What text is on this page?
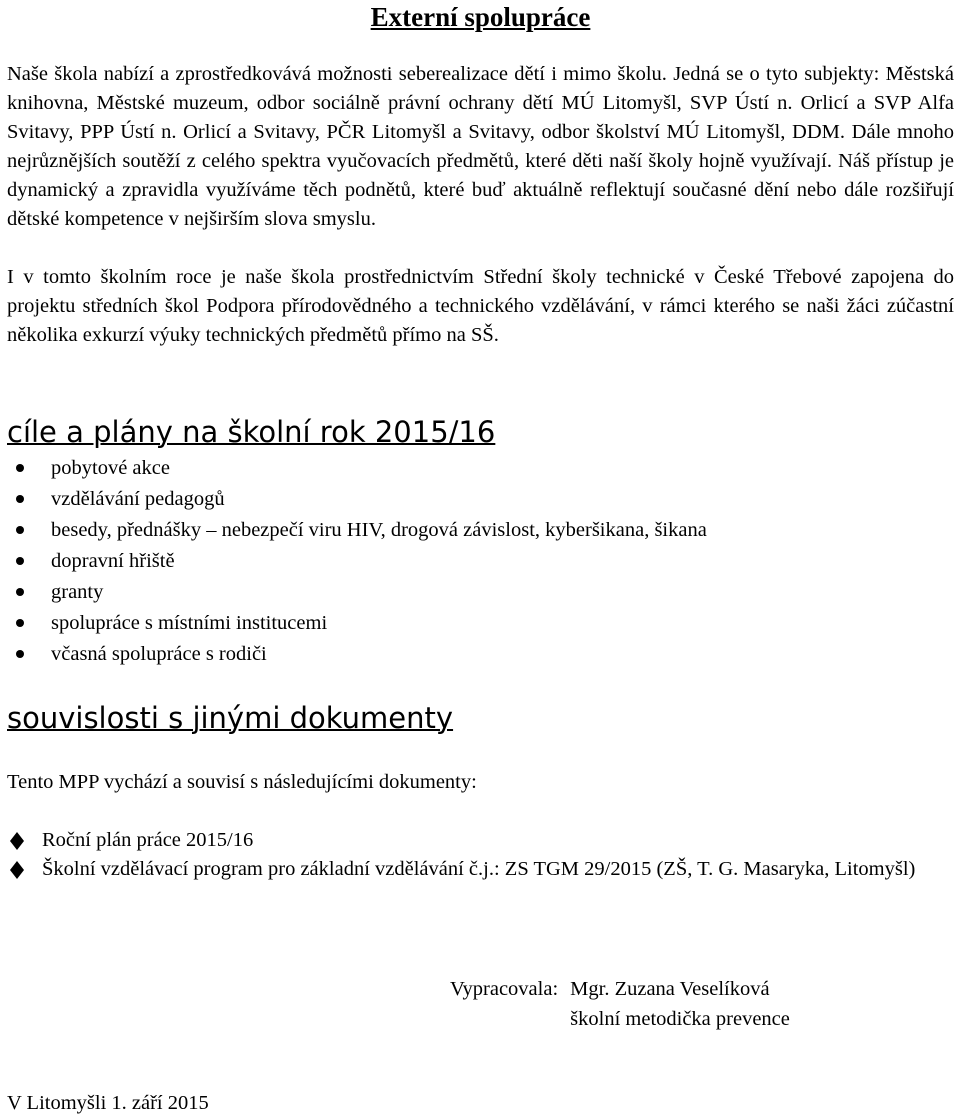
Externí spolupráce

Naše škola nabízí a zprostředkovává možnosti seberealizace dětí i mimo školu. Jedná se o tyto subjekty: Městská knihovna, Městské muzeum, odbor sociálně právní ochrany dětí MÚ Litomyšl, SVP Ústí n. Orlicí a SVP Alfa Svitavy, PPP Ústí n. Orlicí a Svitavy, PČR Litomyšl a Svitavy, odbor školství MÚ Litomyšl, DDM. Dále mnoho nejrůznějších soutěží z celého spektra vyučovacích předmětů, které děti naší školy hojně využívají. Náš přístup je dynamický a zpravidla využíváme těch podnětů, které buď aktuálně reflektují současné dění nebo dále rozšiřují dětské kompetence v nejširším slova smyslu.

I v tomto školním roce je naše škola prostřednictvím Střední školy technické v České Třebové zapojena do projektu středních škol Podpora přírodovědného a technického vzdělávání, v rámci kterého se naši žáci zúčastní několika exkurzí výuky technických předmětů přímo na SŠ.

cíle a plány na školní rok 2015/16
pobytové akce
vzdělávání pedagogů
besedy, přednášky – nebezpečí viru HIV, drogová závislost, kyberšikana, šikana
dopravní hřiště
granty
spolupráce s místními institucemi
včasná spolupráce s rodiči
souvislosti s jinými dokumenty

Tento MPP vychází a souvisí s následujícími dokumenty:

Roční plán práce 2015/16
Školní vzdělávací program pro základní vzdělávání č.j.: ZS TGM 29/2015 (ZŠ, T. G. Masaryka, Litomyšl)
Vypracovala: Mgr. Zuzana Veselíková
školní metodička prevence
V Litomyšli 1. září 2015
